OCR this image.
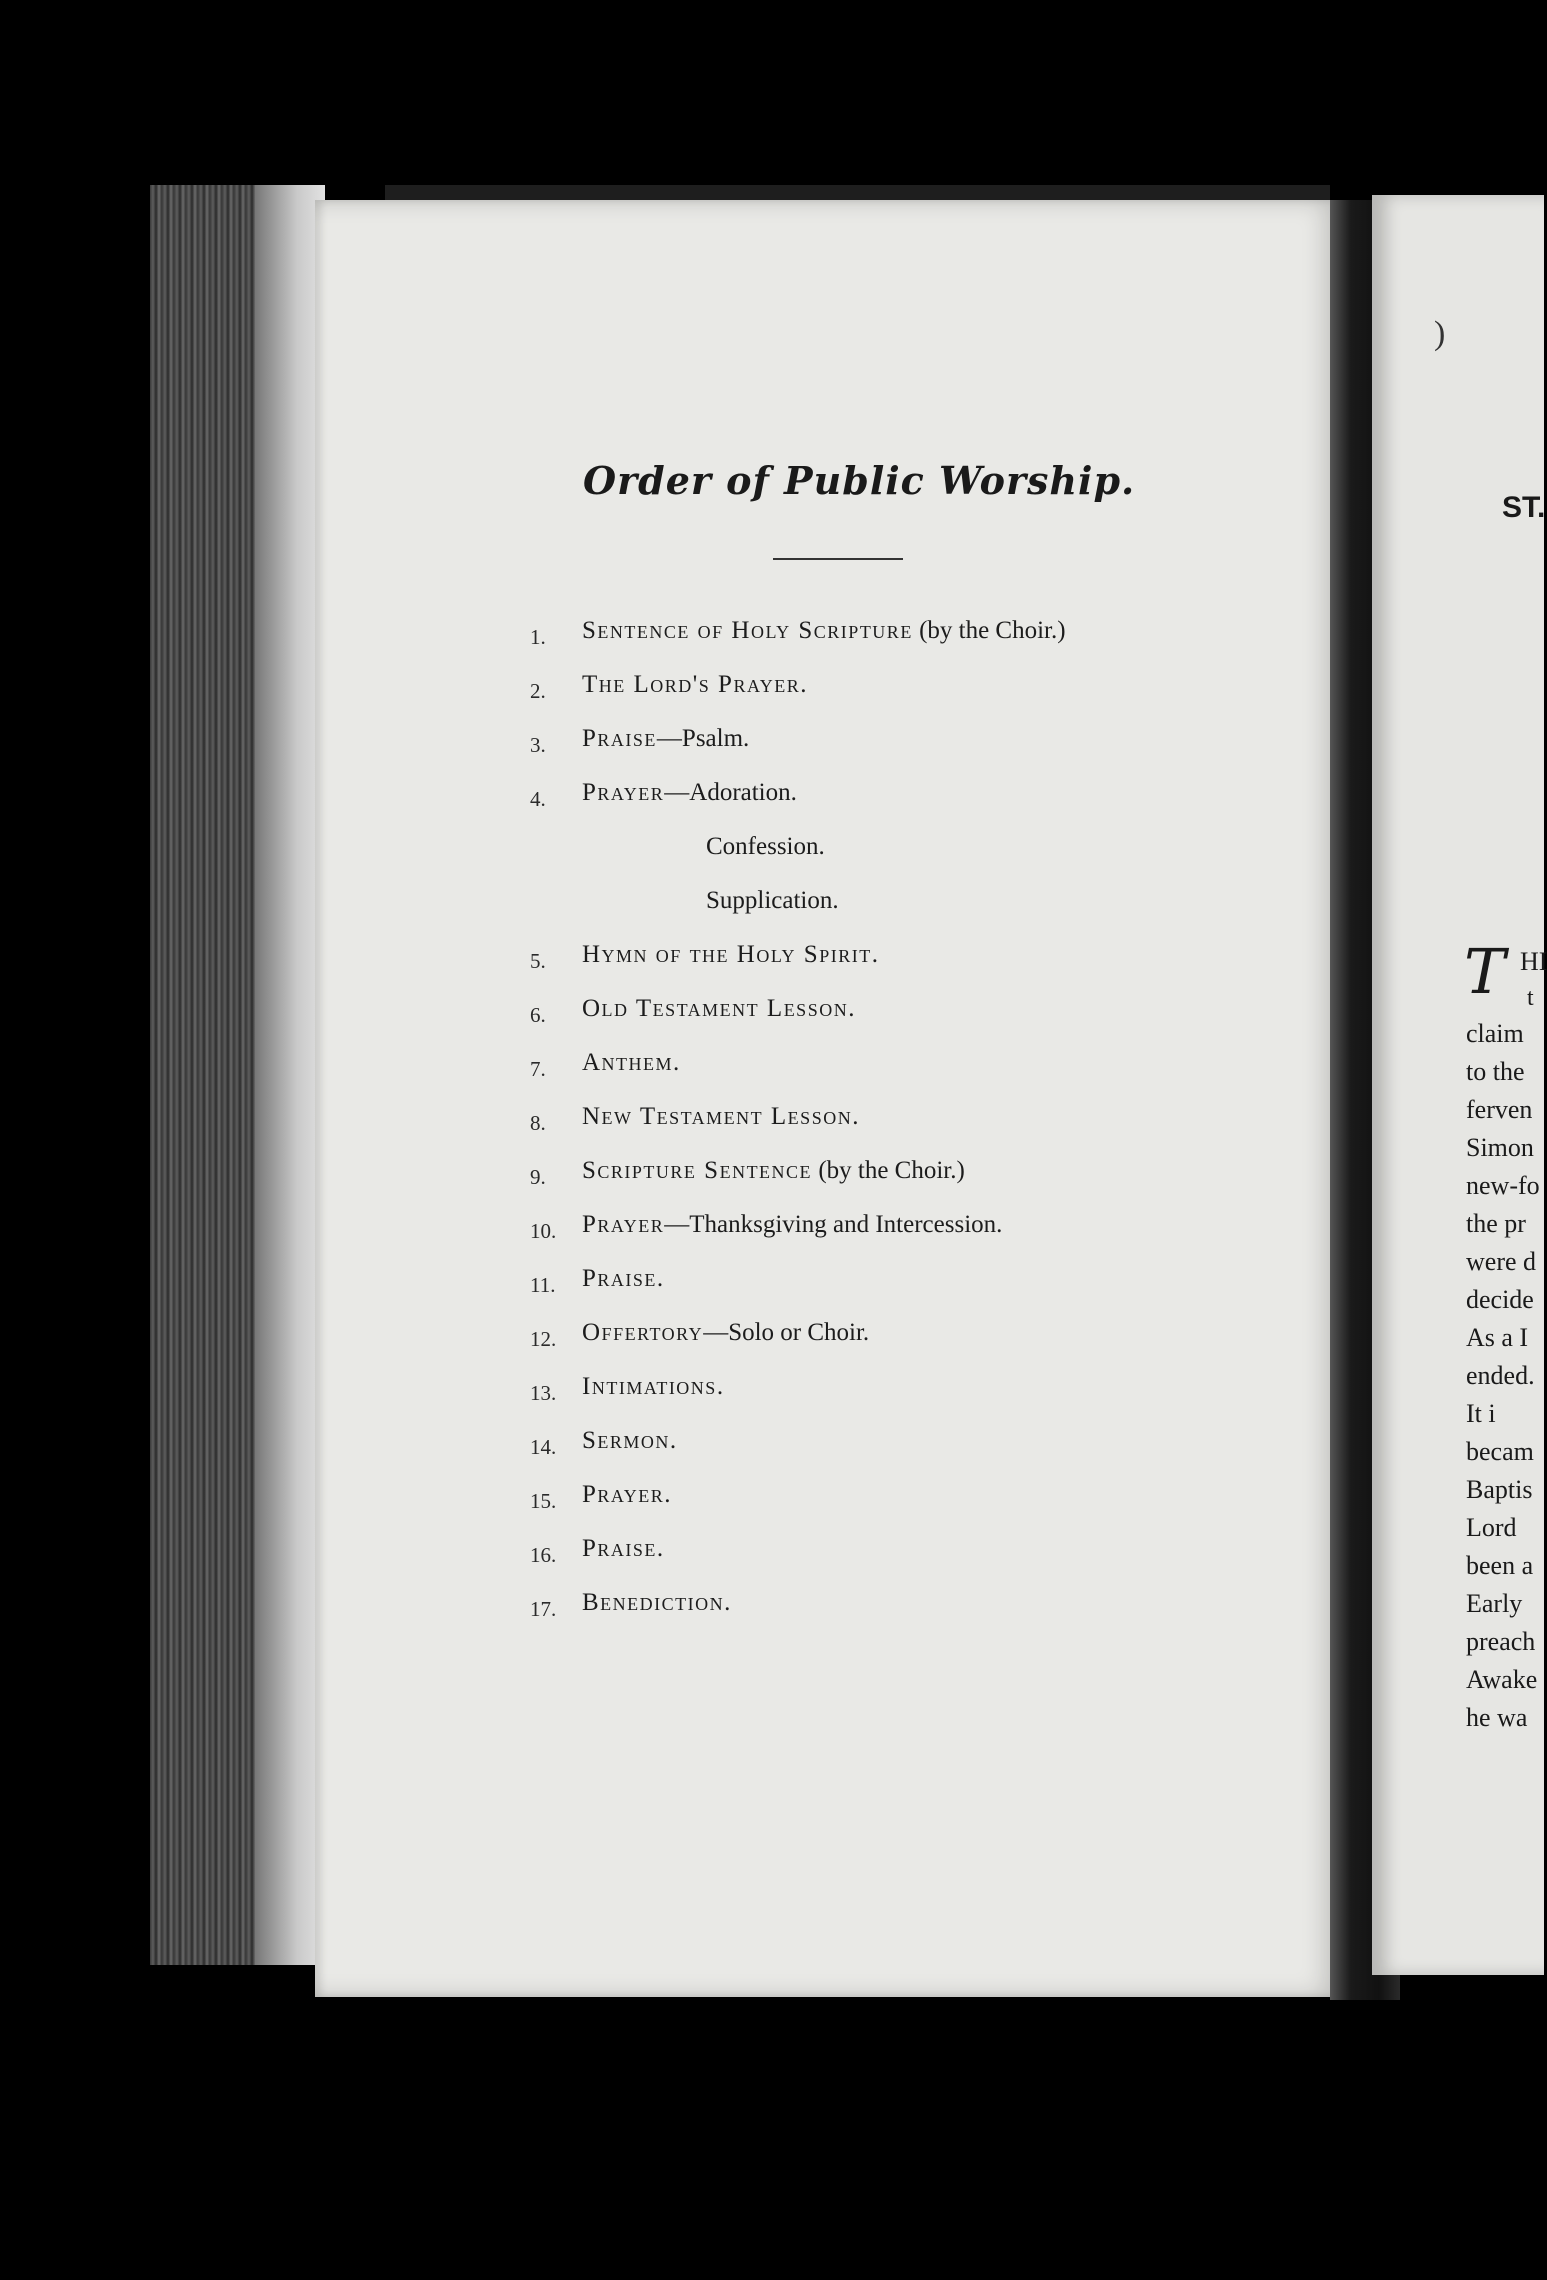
Order of Public Worship.
1.	Sentence of Holy Scripture (by the Choir.)
2.	The Lord's Prayer.
3.	Praise—Psalm.
4.	Prayer—Adoration.
Confession.
Supplication.
5.	Hymn of the Holy Spirit.
6.	Old Testament Lesson.
7.	Anthem.
8.	New Testament Lesson.
9.	Scripture Sentence (by the Choir.)
10.	Prayer—Thanksgiving and Intercession.
11.	Praise.
12.	Offertory—Solo or Choir.
13.	Intimations.
14.	Sermon.
15.	Prayer.
16.	Praise.
17.	Benediction.
)
ST.
T HI
t
claim
to the
ferven
Simon
new-fo
the pr
were d
decide
As a I
ended.
It i
becam
Baptis
Lord
been a
Early
preach
Awake
he wa
